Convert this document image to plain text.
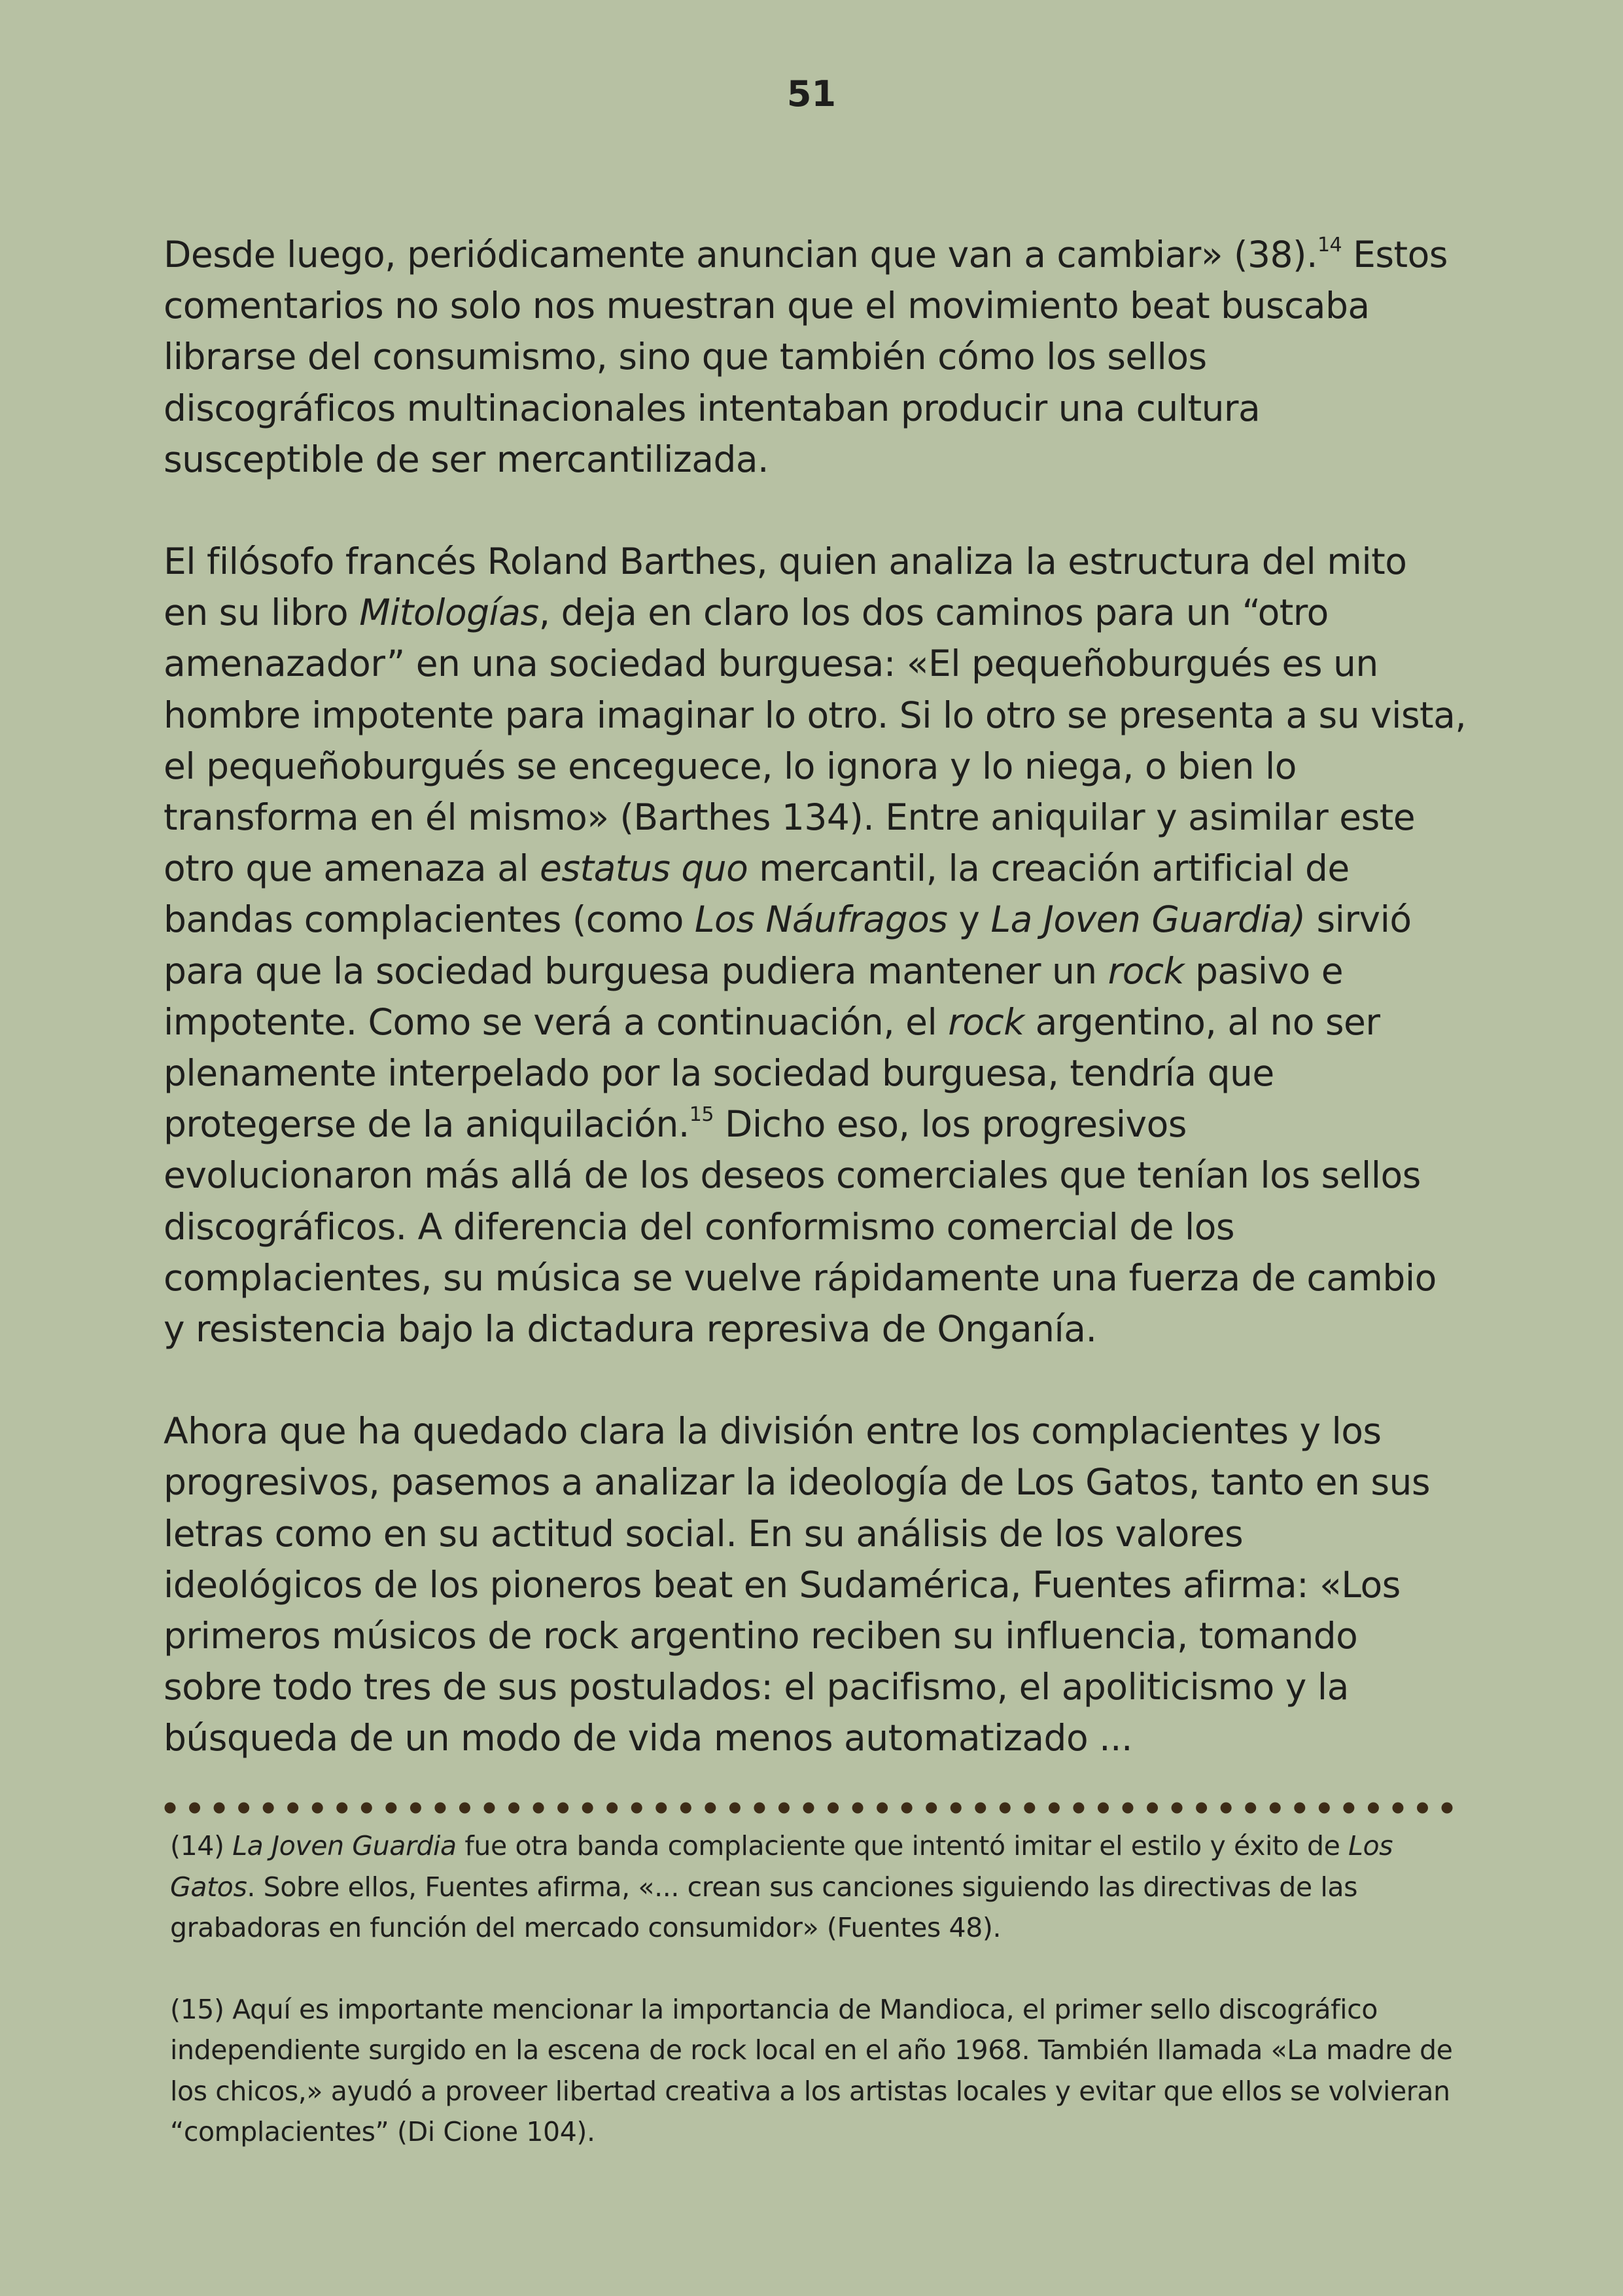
51

Desde luego, periódicamente anuncian que van a cambiar» (38).$^{14}$ Estos
comentarios no solo nos muestran que el movimiento beat buscaba
librarse del consumismo, sino que también cómo los sellos
discográficos multinacionales intentaban producir una cultura
susceptible de ser mercantilizada.

El filósofo francés Roland Barthes, quien analiza la estructura del mito
en su libro Mitologías, deja en claro los dos caminos para un “otro
amenazador” en una sociedad burguesa: «El pequeñoburgués es un
hombre impotente para imaginar lo otro. Si lo otro se presenta a su vista,
el pequeñoburgués se enceguece, lo ignora y lo niega, o bien lo
transforma en él mismo» (Barthes 134). Entre aniquilar y asimilar este
otro que amenaza al estatus quo mercantil, la creación artificial de
bandas complacientes (como Los Náufragos y La Joven Guardia) sirvió
para que la sociedad burguesa pudiera mantener un rock pasivo e
impotente. Como se verá a continuación, el rock argentino, al no ser
plenamente interpelado por la sociedad burguesa, tendría que
protegerse de la aniquilación.$^{15}$ Dicho eso, los progresivos
evolucionaron más allá de los deseos comerciales que tenían los sellos
discográficos. A diferencia del conformismo comercial de los
complacientes, su música se vuelve rápidamente una fuerza de cambio
y resistencia bajo la dictadura represiva de Onganía.

Ahora que ha quedado clara la división entre los complacientes y los
progresivos, pasemos a analizar la ideología de Los Gatos, tanto en sus
letras como en su actitud social. En su análisis de los valores
ideológicos de los pioneros beat en Sudamérica, Fuentes afirma: «Los
primeros músicos de rock argentino reciben su influencia, tomando
sobre todo tres de sus postulados: el pacifismo, el apoliticismo y la
búsqueda de un modo de vida menos automatizado ...

(14) La Joven Guardia fue otra banda complaciente que intentó imitar el estilo y éxito de Los
Gatos. Sobre ellos, Fuentes afirma, «... crean sus canciones siguiendo las directivas de las
grabadoras en función del mercado consumidor» (Fuentes 48).

(15) Aquí es importante mencionar la importancia de Mandioca, el primer sello discográfico
independiente surgido en la escena de rock local en el año 1968. También llamada «La madre de
los chicos,» ayudó a proveer libertad creativa a los artistas locales y evitar que ellos se volvieran
“complacientes” (Di Cione 104).
